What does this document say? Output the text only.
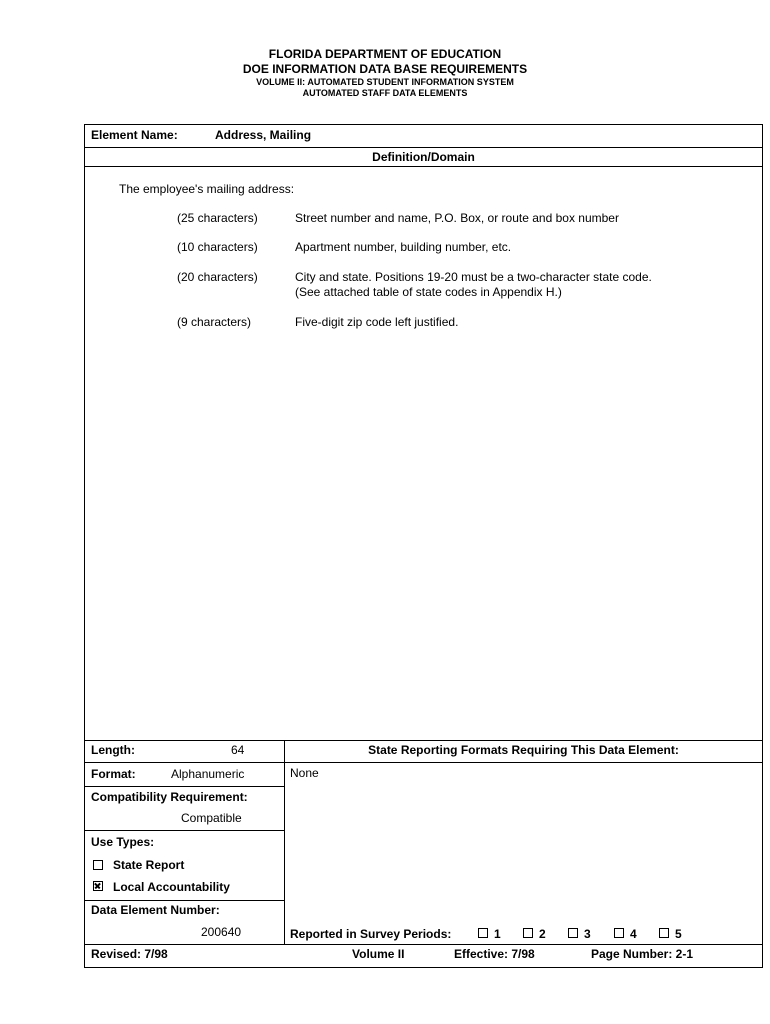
FLORIDA DEPARTMENT OF EDUCATION
DOE INFORMATION DATA BASE REQUIREMENTS
VOLUME II: AUTOMATED STUDENT INFORMATION SYSTEM
AUTOMATED STAFF DATA ELEMENTS
Element Name:	Address, Mailing
Definition/Domain
The employee's mailing address:
(25 characters)	Street number and name, P.O. Box, or route and box number
(10 characters)	Apartment number, building number, etc.
(20 characters)	City and state. Positions 19-20 must be a two-character state code.
(See attached table of state codes in Appendix H.)
(9 characters)	Five-digit zip code left justified.
Length:	64
Format:	Alphanumeric
Compatibility Requirement:
Compatible
Use Types:
State Report
Local Accountability
Data Element Number:
200640
State Reporting Formats Requiring This Data Element:
None
Reported in Survey Periods:	1	2	3	4	5
Revised: 7/98	Volume II	Effective: 7/98	Page Number: 2-1
